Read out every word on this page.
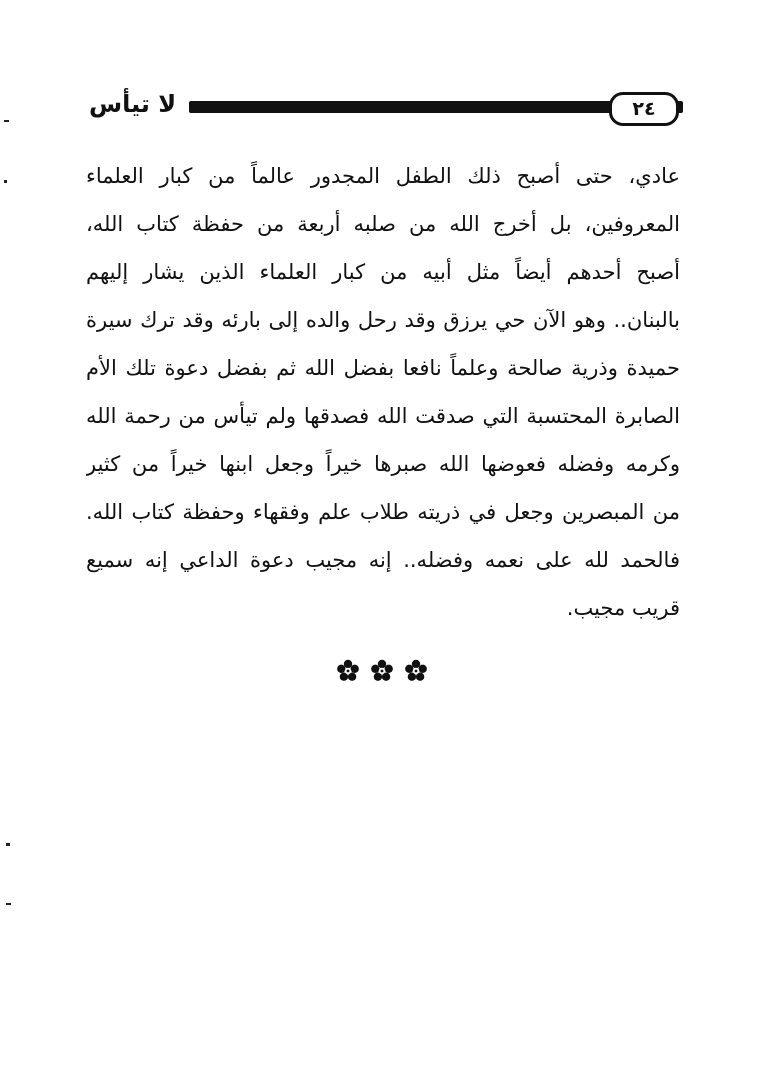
لا تيأس	٢٤
عادي، حتى أصبح ذلك الطفل المجدور عالماً من كبار العلماء
المعروفين، بل أخرج الله من صلبه أربعة من حفظة كتاب الله،
أصبح أحدهم أيضاً مثل أبيه من كبار العلماء الذين يشار إليهم
بالبنان.. وهو الآن حي يرزق وقد رحل والده إلى بارئه وقد ترك سيرة
حميدة وذرية صالحة وعلماً نافعا بفضل الله ثم بفضل دعوة تلك الأم
الصابرة المحتسبة التي صدقت الله فصدقها ولم تيأس من رحمة الله
وكرمه وفضله فعوضها الله صبرها خيراً وجعل ابنها خيراً من كثير
من المبصرين وجعل في ذريته طلاب علم وفقهاء وحفظة كتاب الله.
فالحمد لله على نعمه وفضله.. إنه مجيب دعوة الداعي إنه سميع
قريب مجيب.
